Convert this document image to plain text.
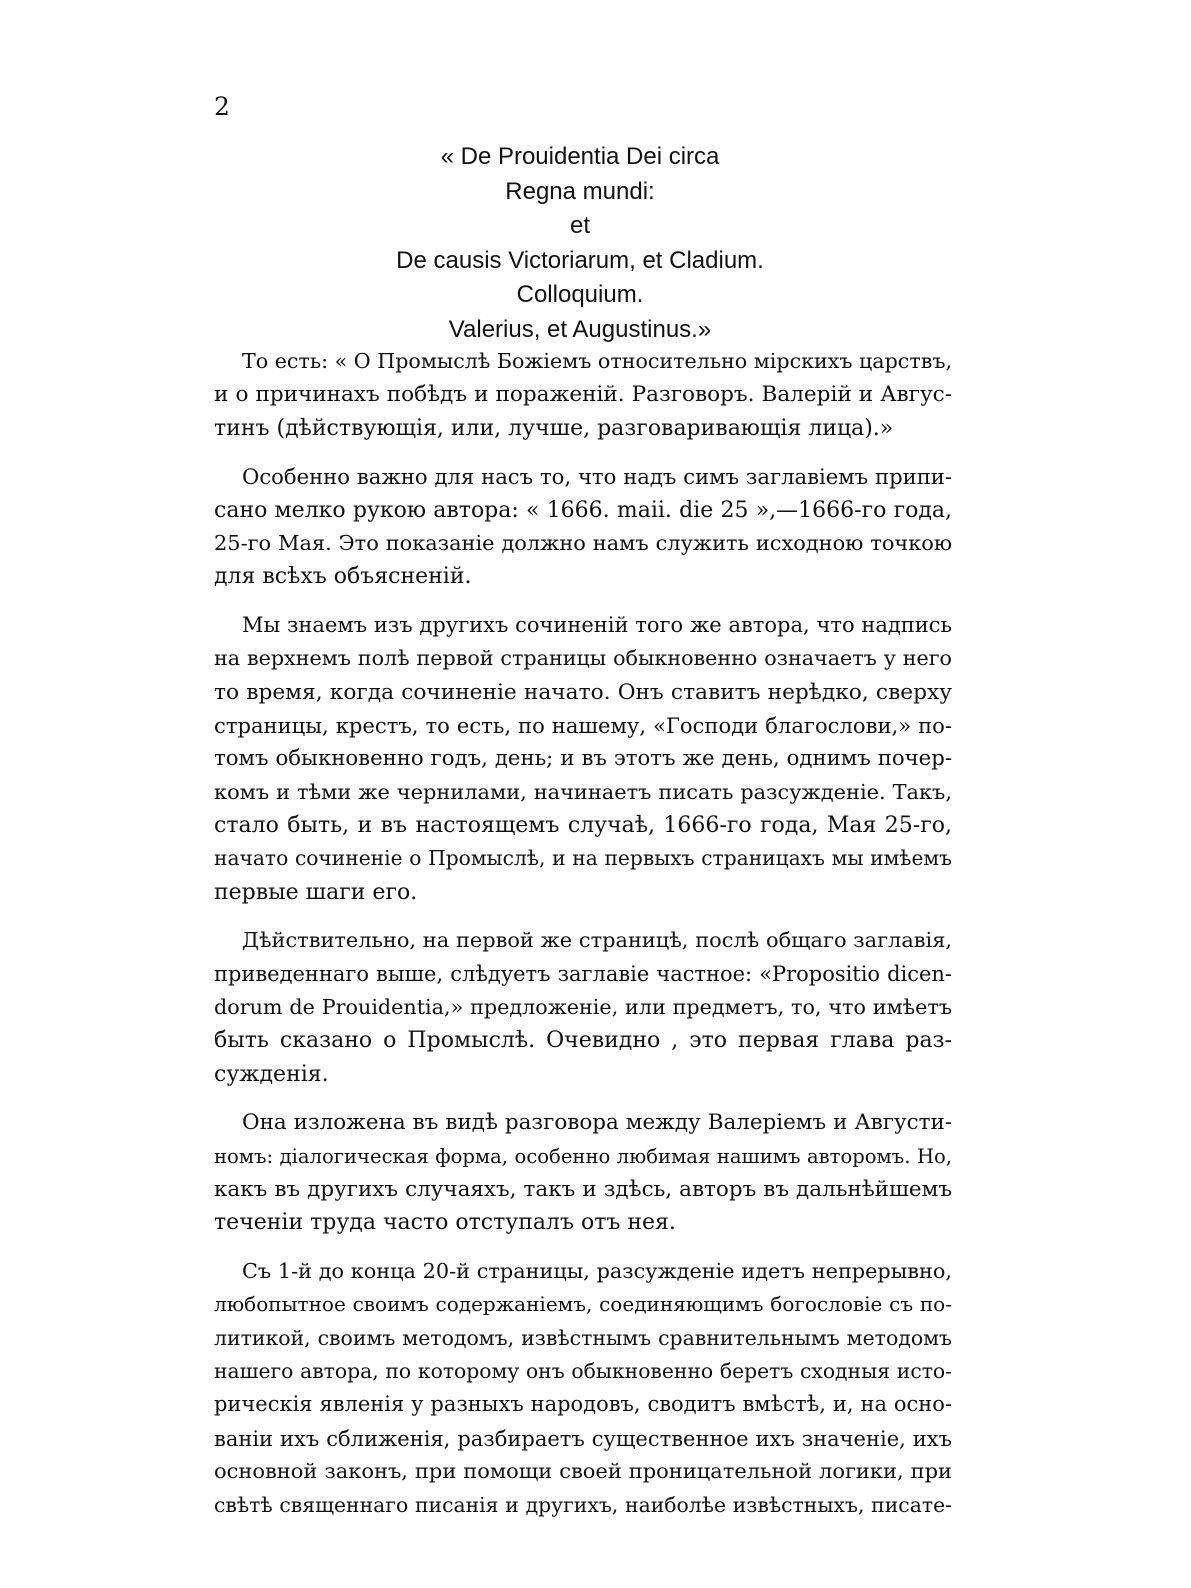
2
« De Prouidentia Dei circa
Regna mundi:
et
De causis Victoriarum, et Cladium.
Colloquium.
Valerius, et Augustinus.»
То есть: « О Промыслѣ Божіемъ относительно мірскихъ царствъ,
и о причинахъ побѣдъ и пораженій. Разговоръ. Валерій и Авгус-
тинъ (дѣйствующія, или, лучше, разговаривающія лица).»
Особенно важно для насъ то, что надъ симъ заглавіемъ припи-
сано мелко рукою автора: « 1666. maii. die 25 »,—1666-го года,
25-го Мая. Это показаніе должно намъ служить исходною точкою
для всѣхъ объясненій.
Мы знаемъ изъ другихъ сочиненій того же автора, что надпись
на верхнемъ полѣ первой страницы обыкновенно означаетъ у него
то время, когда сочиненіе начато. Онъ ставитъ нерѣдко, сверху
страницы, крестъ, то есть, по нашему, «Господи благослови,» по-
томъ обыкновенно годъ, день; и въ этотъ же день, однимъ почер-
комъ и тѣми же чернилами, начинаетъ писать разсужденіе. Такъ,
стало быть, и въ настоящемъ случаѣ, 1666-го года, Мая 25-го,
начато сочиненіе о Промыслѣ, и на первыхъ страницахъ мы имѣемъ
первые шаги его.
Дѣйствительно, на первой же страницѣ, послѣ общаго заглавія,
приведеннаго выше, слѣдуетъ заглавіе частное: «Propositio dicen-
dorum de Prouidentia,» предложеніе, или предметъ, то, что имѣетъ
быть сказано о Промыслѣ. Очевидно , это первая глава раз-
сужденія.
Она изложена въ видѣ разговора между Валеріемъ и Августи-
номъ: діалогическая форма, особенно любимая нашимъ авторомъ. Но,
какъ въ другихъ случаяхъ, такъ и здѣсь, авторъ въ дальнѣйшемъ
теченіи труда часто отступалъ отъ нея.
Съ 1-й до конца 20-й страницы, разсужденіе идетъ непрерывно,
любопытное своимъ содержаніемъ, соединяющимъ богословіе съ по-
литикой, своимъ методомъ, извѣстнымъ сравнительнымъ методомъ
нашего автора, по которому онъ обыкновенно беретъ сходныя исто-
рическія явленія у разныхъ народовъ, сводитъ вмѣстѣ, и, на осно-
ваніи ихъ сближенія, разбираетъ существенное ихъ значеніе, ихъ
основной законъ, при помощи своей проницательной логики, при
свѣтѣ священнаго писанія и другихъ, наиболѣе извѣстныхъ, писате-
